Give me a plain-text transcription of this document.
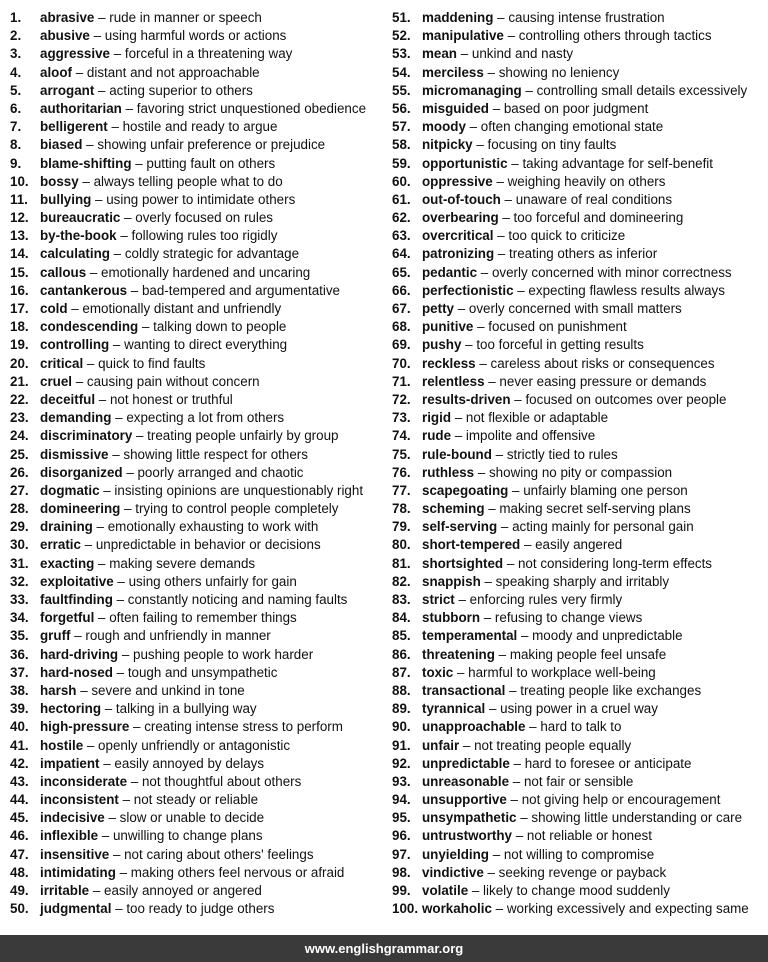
1.	abrasive – rude in manner or speech
2.	abusive – using harmful words or actions
3.	aggressive – forceful in a threatening way
4.	aloof – distant and not approachable
5.	arrogant – acting superior to others
6.	authoritarian – favoring strict unquestioned obedience
7.	belligerent – hostile and ready to argue
8.	biased – showing unfair preference or prejudice
9.	blame-shifting – putting fault on others
10. bossy – always telling people what to do
11. bullying – using power to intimidate others
12. bureaucratic – overly focused on rules
13. by-the-book – following rules too rigidly
14. calculating – coldly strategic for advantage
15. callous – emotionally hardened and uncaring
16. cantankerous – bad-tempered and argumentative
17. cold – emotionally distant and unfriendly
18. condescending – talking down to people
19. controlling – wanting to direct everything
20. critical – quick to find faults
21. cruel – causing pain without concern
22. deceitful – not honest or truthful
23. demanding – expecting a lot from others
24. discriminatory – treating people unfairly by group
25. dismissive – showing little respect for others
26. disorganized – poorly arranged and chaotic
27. dogmatic – insisting opinions are unquestionably right
28. domineering – trying to control people completely
29. draining – emotionally exhausting to work with
30. erratic – unpredictable in behavior or decisions
31. exacting – making severe demands
32. exploitative – using others unfairly for gain
33. faultfinding – constantly noticing and naming faults
34. forgetful – often failing to remember things
35. gruff – rough and unfriendly in manner
36. hard-driving – pushing people to work harder
37. hard-nosed – tough and unsympathetic
38. harsh – severe and unkind in tone
39. hectoring – talking in a bullying way
40. high-pressure – creating intense stress to perform
41. hostile – openly unfriendly or antagonistic
42. impatient – easily annoyed by delays
43. inconsiderate – not thoughtful about others
44. inconsistent – not steady or reliable
45. indecisive – slow or unable to decide
46. inflexible – unwilling to change plans
47. insensitive – not caring about others' feelings
48. intimidating – making others feel nervous or afraid
49. irritable – easily annoyed or angered
50. judgmental – too ready to judge others
51. maddening – causing intense frustration
52. manipulative – controlling others through tactics
53. mean – unkind and nasty
54. merciless – showing no leniency
55. micromanaging – controlling small details excessively
56. misguided – based on poor judgment
57. moody – often changing emotional state
58. nitpicky – focusing on tiny faults
59. opportunistic – taking advantage for self-benefit
60. oppressive – weighing heavily on others
61. out-of-touch – unaware of real conditions
62. overbearing – too forceful and domineering
63. overcritical – too quick to criticize
64. patronizing – treating others as inferior
65. pedantic – overly concerned with minor correctness
66. perfectionistic – expecting flawless results always
67. petty – overly concerned with small matters
68. punitive – focused on punishment
69. pushy – too forceful in getting results
70. reckless – careless about risks or consequences
71. relentless – never easing pressure or demands
72. results-driven – focused on outcomes over people
73. rigid – not flexible or adaptable
74. rude – impolite and offensive
75. rule-bound – strictly tied to rules
76. ruthless – showing no pity or compassion
77. scapegoating – unfairly blaming one person
78. scheming – making secret self-serving plans
79. self-serving – acting mainly for personal gain
80. short-tempered – easily angered
81. shortsighted – not considering long-term effects
82. snappish – speaking sharply and irritably
83. strict – enforcing rules very firmly
84. stubborn – refusing to change views
85. temperamental – moody and unpredictable
86. threatening – making people feel unsafe
87. toxic – harmful to workplace well-being
88. transactional – treating people like exchanges
89. tyrannical – using power in a cruel way
90. unapproachable – hard to talk to
91. unfair – not treating people equally
92. unpredictable – hard to foresee or anticipate
93. unreasonable – not fair or sensible
94. unsupportive – not giving help or encouragement
95. unsympathetic – showing little understanding or care
96. untrustworthy – not reliable or honest
97. unyielding – not willing to compromise
98. vindictive – seeking revenge or payback
99. volatile – likely to change mood suddenly
100. workaholic – working excessively and expecting same
www.englishgrammar.org
